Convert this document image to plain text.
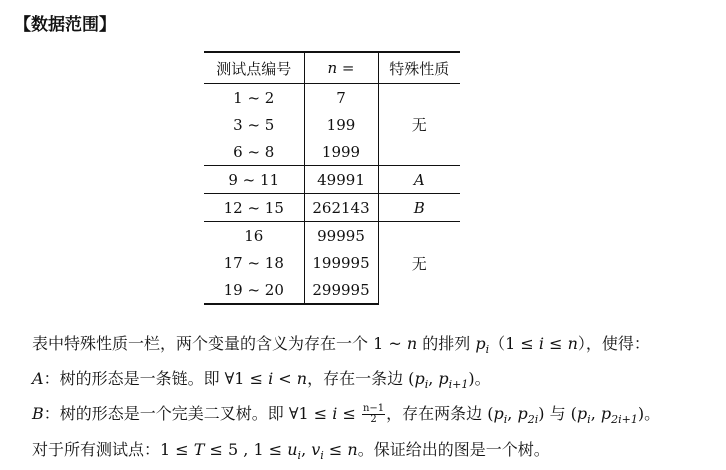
【数据范围】
测试点编号	n =	特殊性质
1 ~ 2	7	无
3 ~ 5	199	
6 ~ 8	1999	
9 ~ 11	49991	A
12 ~ 15	262143	B
16	99995	无
17 ~ 18	199995	
19 ~ 20	299995	

表中特殊性质一栏，两个变量的含义为存在一个 1 ~ n 的排列 $p_i(1 \le i \le n)$，使得：

A：树的形态是一条链。即 ∀1 ≤ i < n，存在一条边 ($p_i$, $p_{i+1}$)。

B：树的形态是一个完美二叉树。即 ∀1 ≤ $i \le \frac{n-1}{2}$ ，存在两条边 ($p_i$, $p_{2i}$) 与 ($p_i$, $p_{2i+1}$)。

对于所有测试点：1 ≤ T ≤ 5 , $1 \le u_i$, $v_i \le n$。保证给出的图是一个树。
